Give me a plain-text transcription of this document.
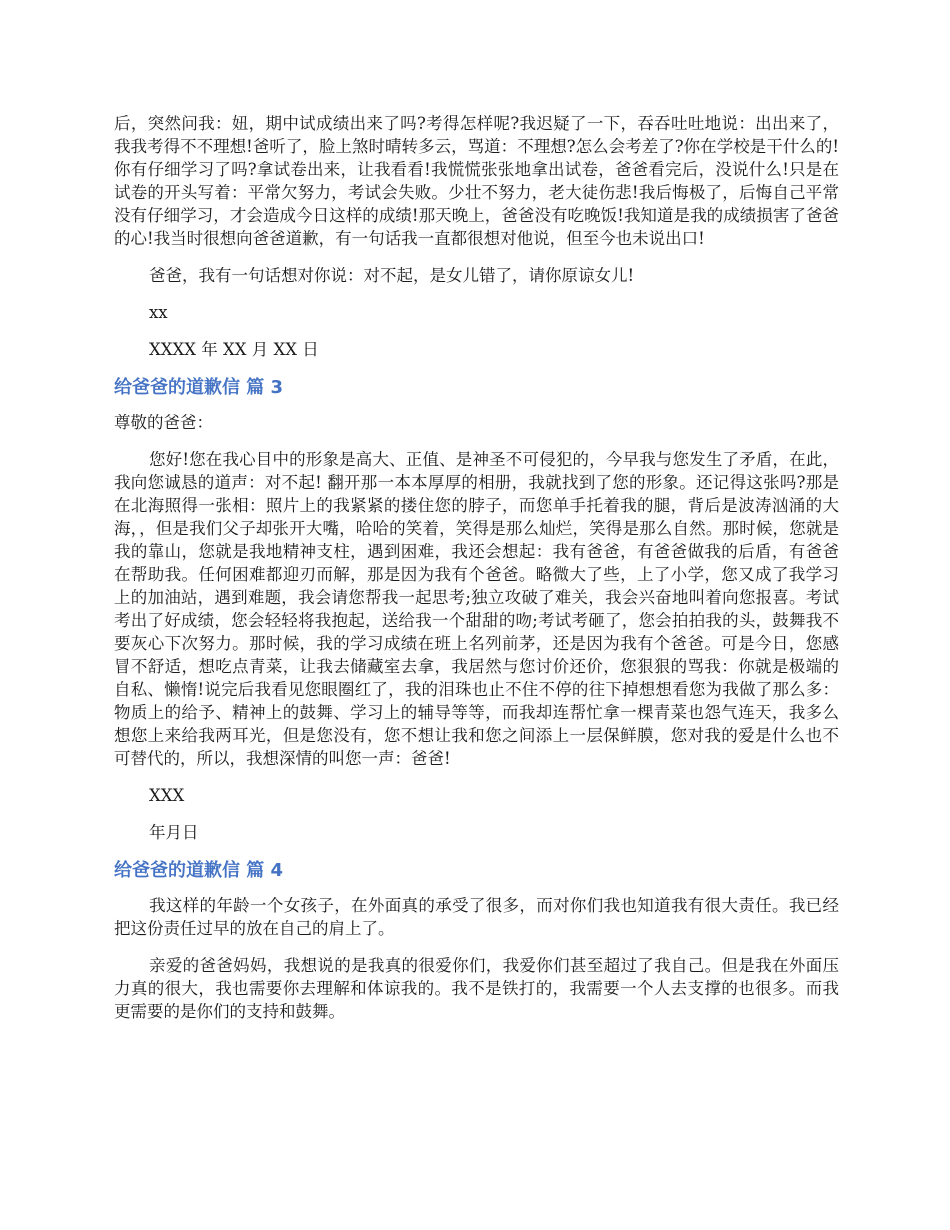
后，突然问我：妞，期中试成绩出来了吗?考得怎样呢?我迟疑了一下，吞吞吐吐地说：出出来了，我我考得不不理想!爸听了，脸上煞时晴转多云，骂道：不理想?怎么会考差了?你在学校是干什么的!你有仔细学习了吗?拿试卷出来，让我看看!我慌慌张张地拿出试卷，爸爸看完后，没说什么!只是在试卷的开头写着：平常欠努力，考试会失败。少壮不努力，老大徒伤悲!我后悔极了，后悔自己平常没有仔细学习，才会造成今日这样的成绩!那天晚上，爸爸没有吃晚饭!我知道是我的成绩损害了爸爸的心!我当时很想向爸爸道歉，有一句话我一直都很想对他说，但至今也未说出口!

爸爸，我有一句话想对你说：对不起，是女儿错了，请你原谅女儿!

xx

XXXX 年 XX 月 XX 日

给爸爸的道歉信 篇 3

尊敬的爸爸：

您好!您在我心目中的形象是高大、正值、是神圣不可侵犯的，今早我与您发生了矛盾，在此，我向您诚恳的道声：对不起! 翻开那一本本厚厚的相册，我就找到了您的形象。还记得这张吗?那是在北海照得一张相：照片上的我紧紧的搂住您的脖子，而您单手托着我的腿，背后是波涛汹涌的大海，，但是我们父子却张开大嘴，哈哈的笑着，笑得是那么灿烂，笑得是那么自然。那时候，您就是我的靠山，您就是我地精神支柱，遇到困难，我还会想起：我有爸爸，有爸爸做我的后盾，有爸爸在帮助我。任何困难都迎刃而解，那是因为我有个爸爸。略微大了些，上了小学，您又成了我学习上的加油站，遇到难题，我会请您帮我一起思考;独立攻破了难关，我会兴奋地叫着向您报喜。考试考出了好成绩，您会轻轻将我抱起，送给我一个甜甜的吻;考试考砸了，您会拍拍我的头，鼓舞我不要灰心下次努力。那时候，我的学习成绩在班上名列前茅，还是因为我有个爸爸。可是今日，您感冒不舒适，想吃点青菜，让我去储藏室去拿，我居然与您讨价还价，您狠狠的骂我：你就是极端的自私、懒惰!说完后我看见您眼圈红了，我的泪珠也止不住不停的往下掉想想看您为我做了那么多：物质上的给予、精神上的鼓舞、学习上的辅导等等，而我却连帮忙拿一棵青菜也怨气连天，我多么想您上来给我两耳光，但是您没有，您不想让我和您之间添上一层保鲜膜，您对我的爱是什么也不可替代的，所以，我想深情的叫您一声：爸爸!

XXX

年月日

给爸爸的道歉信 篇 4

我这样的年龄一个女孩子，在外面真的承受了很多，而对你们我也知道我有很大责任。我已经把这份责任过早的放在自己的肩上了。

亲爱的爸爸妈妈，我想说的是我真的很爱你们，我爱你们甚至超过了我自己。但是我在外面压力真的很大，我也需要你去理解和体谅我的。我不是铁打的，我需要一个人去支撑的也很多。而我更需要的是你们的支持和鼓舞。
